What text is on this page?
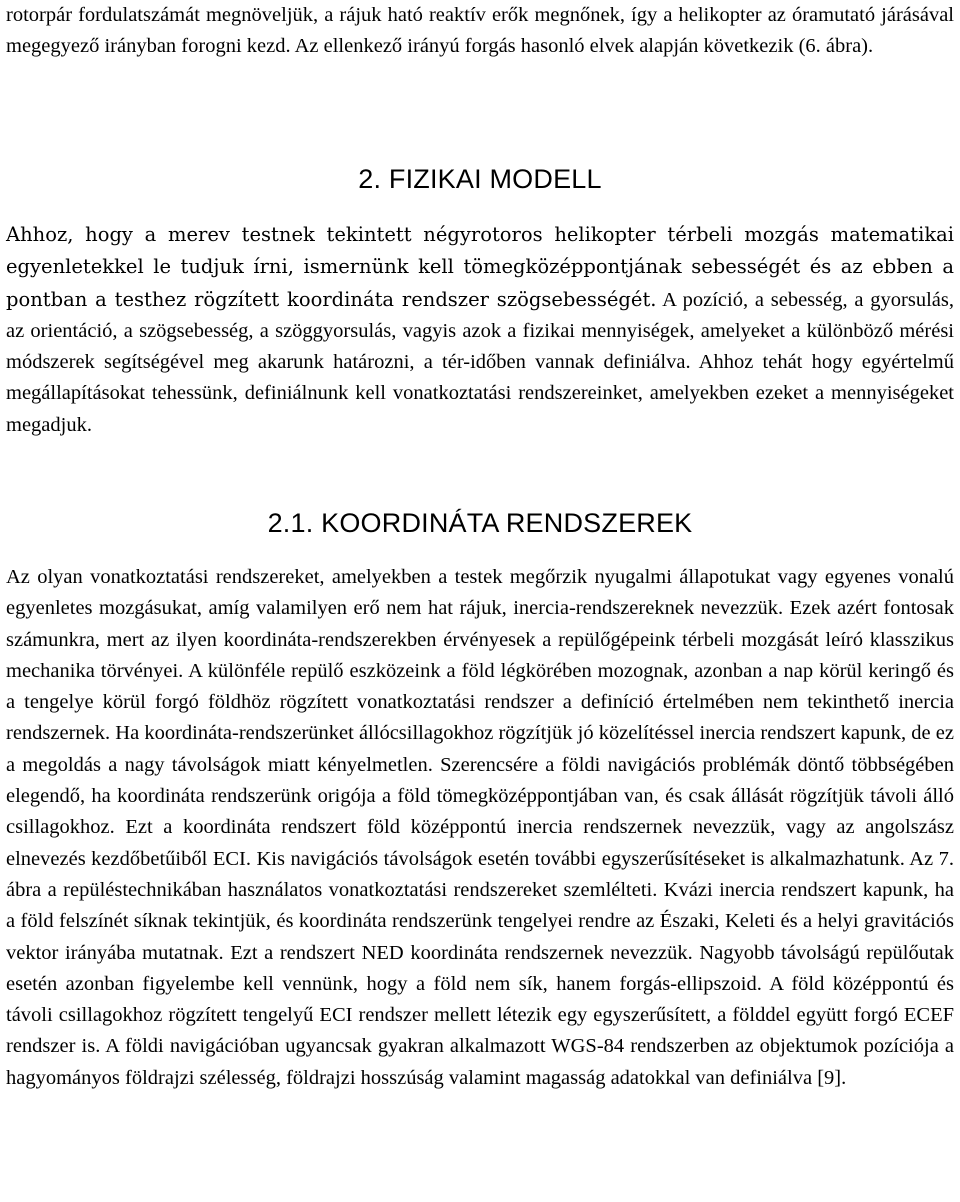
rotorpár fordulatszámát megnöveljük, a rájuk ható reaktív erők megnőnek, így a helikopter az óramutató járásával megegyező irányban forogni kezd. Az ellenkező irányú forgás hasonló elvek alapján következik (6. ábra).

2. FIZIKAI MODELL

Ahhoz, hogy a merev testnek tekintett négyrotoros helikopter térbeli mozgás matematikai egyenletekkel le tudjuk írni, ismernünk kell tömegközéppontjának sebességét és az ebben a pontban a testhez rögzített koordináta rendszer szögsebességét. A pozíció, a sebesség, a gyorsulás, az orientáció, a szögsebesség, a szöggyorsulás, vagyis azok a fizikai mennyiségek, amelyeket a különböző mérési módszerek segítségével meg akarunk határozni, a tér-időben vannak definiálva. Ahhoz tehát hogy egyértelmű megállapításokat tehessünk, definiálnunk kell vonatkoztatási rendszereinket, amelyekben ezeket a mennyiségeket megadjuk.

2.1. KOORDINÁTA RENDSZEREK

Az olyan vonatkoztatási rendszereket, amelyekben a testek megőrzik nyugalmi állapotukat vagy egyenes vonalú egyenletes mozgásukat, amíg valamilyen erő nem hat rájuk, inercia-rendszereknek nevezzük. Ezek azért fontosak számunkra, mert az ilyen koordináta-rendszerekben érvényesek a repülőgépeink térbeli mozgását leíró klasszikus mechanika törvényei. A különféle repülő eszközeink a föld légkörében mozognak, azonban a nap körül keringő és a tengelye körül forgó földhöz rögzített vonatkoztatási rendszer a definíció értelmében nem tekinthető inercia rendszernek. Ha koordináta-rendszerünket állócsillagokhoz rögzítjük jó közelítéssel inercia rendszert kapunk, de ez a megoldás a nagy távolságok miatt kényelmetlen. Szerencsére a földi navigációs problémák döntő többségében elegendő, ha koordináta rendszerünk origója a föld tömegközéppontjában van, és csak állását rögzítjük távoli álló csillagokhoz. Ezt a koordináta rendszert föld középpontú inercia rendszernek nevezzük, vagy az angolszász elnevezés kezdőbetűiből ECI. Kis navigációs távolságok esetén további egyszerűsítéseket is alkalmazhatunk. Az 7. ábra a repüléstechnikában használatos vonatkoztatási rendszereket szemlélteti. Kvázi inercia rendszert kapunk, ha a föld felszínét síknak tekintjük, és koordináta rendszerünk tengelyei rendre az Északi, Keleti és a helyi gravitációs vektor irányába mutatnak. Ezt a rendszert NED koordináta rendszernek nevezzük. Nagyobb távolságú repülőutak esetén azonban figyelembe kell vennünk, hogy a föld nem sík, hanem forgás-ellipszoid. A föld középpontú és távoli csillagokhoz rögzített tengelyű ECI rendszer mellett létezik egy egyszerűsített, a földdel együtt forgó ECEF rendszer is. A földi navigációban ugyancsak gyakran alkalmazott WGS-84 rendszerben az objektumok pozíciója a hagyományos földrajzi szélesség, földrajzi hosszúság valamint magasság adatokkal van definiálva [9].
